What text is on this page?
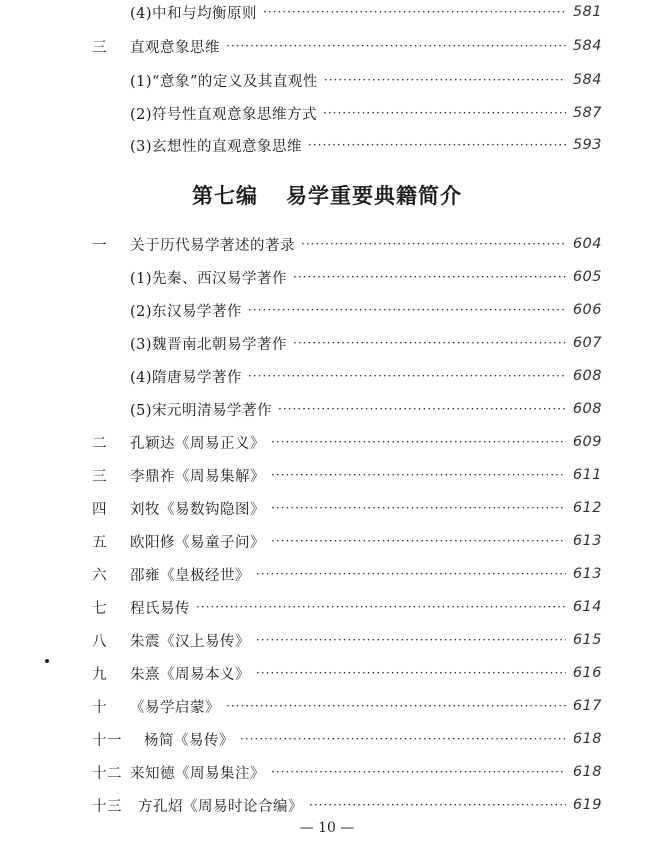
(4)中和与均衡原则 ·····	581
三	直观意象思维 ·····	584
(1)“意象”的定义及其直观性 ·····	584
(2)符号性直观意象思维方式 ·····	587
(3)玄想性的直观意象思维 ·····	593
第七编 易学重要典籍简介
一	关于历代易学著述的著录 ·····	604
(1)先秦、西汉易学著作 ·····	605
(2)东汉易学著作 ·····	606
(3)魏晋南北朝易学著作 ·····	607
(4)隋唐易学著作 ·····	608
(5)宋元明清易学著作 ·····	608
二	孔颖达《周易正义》 ·····	609
三	李鼎祚《周易集解》 ·····	611
四	刘牧《易数钩隐图》 ·····	612
五	欧阳修《易童子问》 ·····	613
六	邵雍《皇极经世》 ·····	613
七	程氏易传 ·····	614
八	朱震《汉上易传》 ·····	615
九	朱熹《周易本义》 ·····	616
十	《易学启蒙》 ·····	617
十一	杨简《易传》 ·····	618
十二 来知德《周易集注》 ·····	618
十三	方孔炤《周易时论合编》 ·····	619
— 10 —
